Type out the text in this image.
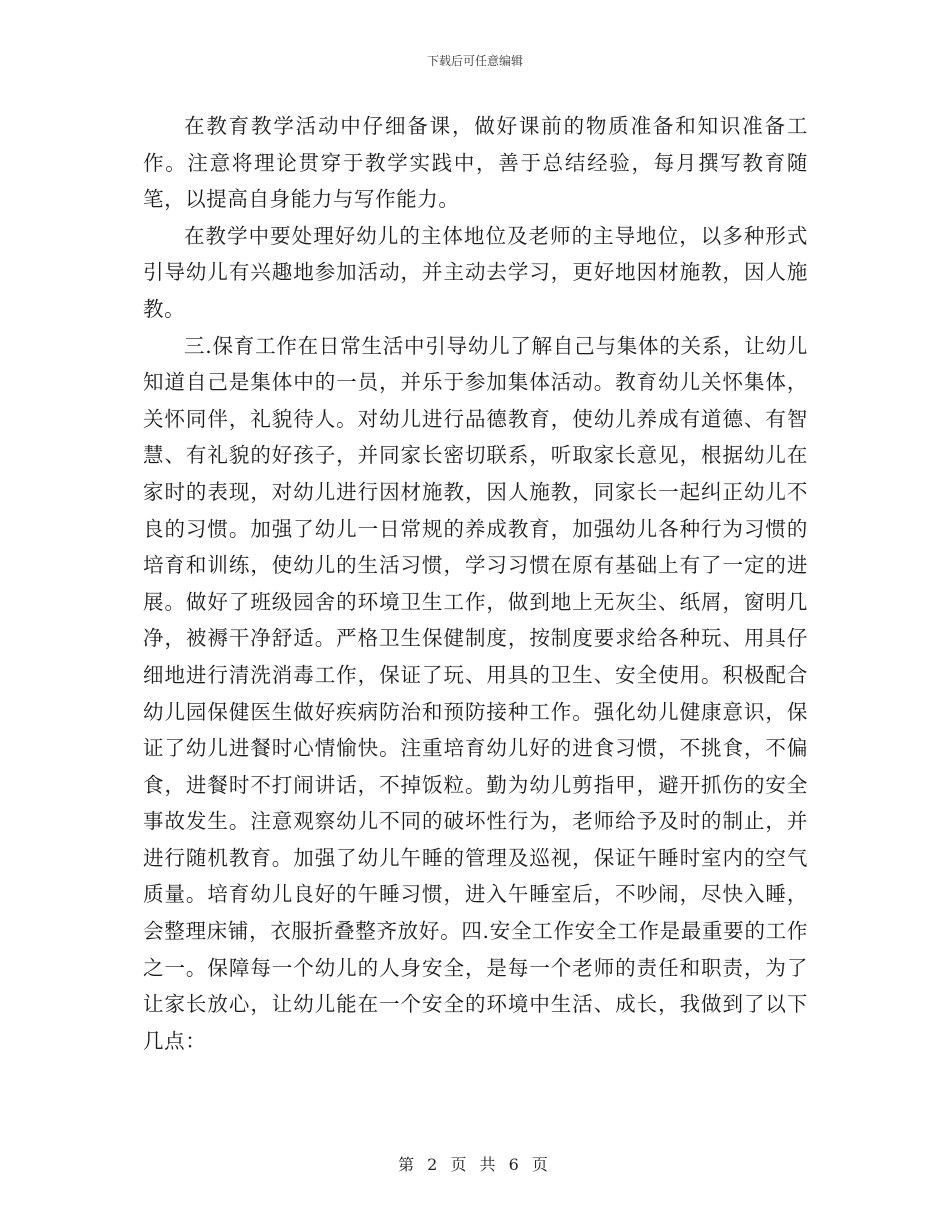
下载后可任意编辑

在教育教学活动中仔细备课，做好课前的物质准备和知识准备工作。注意将理论贯穿于教学实践中，善于总结经验，每月撰写教育随笔，以提高自身能力与写作能力。

在教学中要处理好幼儿的主体地位及老师的主导地位，以多种形式引导幼儿有兴趣地参加活动，并主动去学习，更好地因材施教，因人施教。

三.保育工作在日常生活中引导幼儿了解自己与集体的关系，让幼儿知道自己是集体中的一员，并乐于参加集体活动。教育幼儿关怀集体，关怀同伴，礼貌待人。对幼儿进行品德教育，使幼儿养成有道德、有智慧、有礼貌的好孩子，并同家长密切联系，听取家长意见，根据幼儿在家时的表现，对幼儿进行因材施教，因人施教，同家长一起纠正幼儿不良的习惯。加强了幼儿一日常规的养成教育，加强幼儿各种行为习惯的培育和训练，使幼儿的生活习惯，学习习惯在原有基础上有了一定的进展。做好了班级园舍的环境卫生工作，做到地上无灰尘、纸屑，窗明几净，被褥干净舒适。严格卫生保健制度，按制度要求给各种玩、用具仔细地进行清洗消毒工作，保证了玩、用具的卫生、安全使用。积极配合幼儿园保健医生做好疾病防治和预防接种工作。强化幼儿健康意识，保证了幼儿进餐时心情愉快。注重培育幼儿好的进食习惯，不挑食，不偏食，进餐时不打闹讲话，不掉饭粒。勤为幼儿剪指甲，避开抓伤的安全事故发生。注意观察幼儿不同的破坏性行为，老师给予及时的制止，并进行随机教育。加强了幼儿午睡的管理及巡视，保证午睡时室内的空气质量。培育幼儿良好的午睡习惯，进入午睡室后，不吵闹，尽快入睡，会整理床铺，衣服折叠整齐放好。四.安全工作安全工作是最重要的工作之一。保障每一个幼儿的人身安全，是每一个老师的责任和职责，为了让家长放心，让幼儿能在一个安全的环境中生活、成长，我做到了以下几点：

第 2 页 共 6 页
